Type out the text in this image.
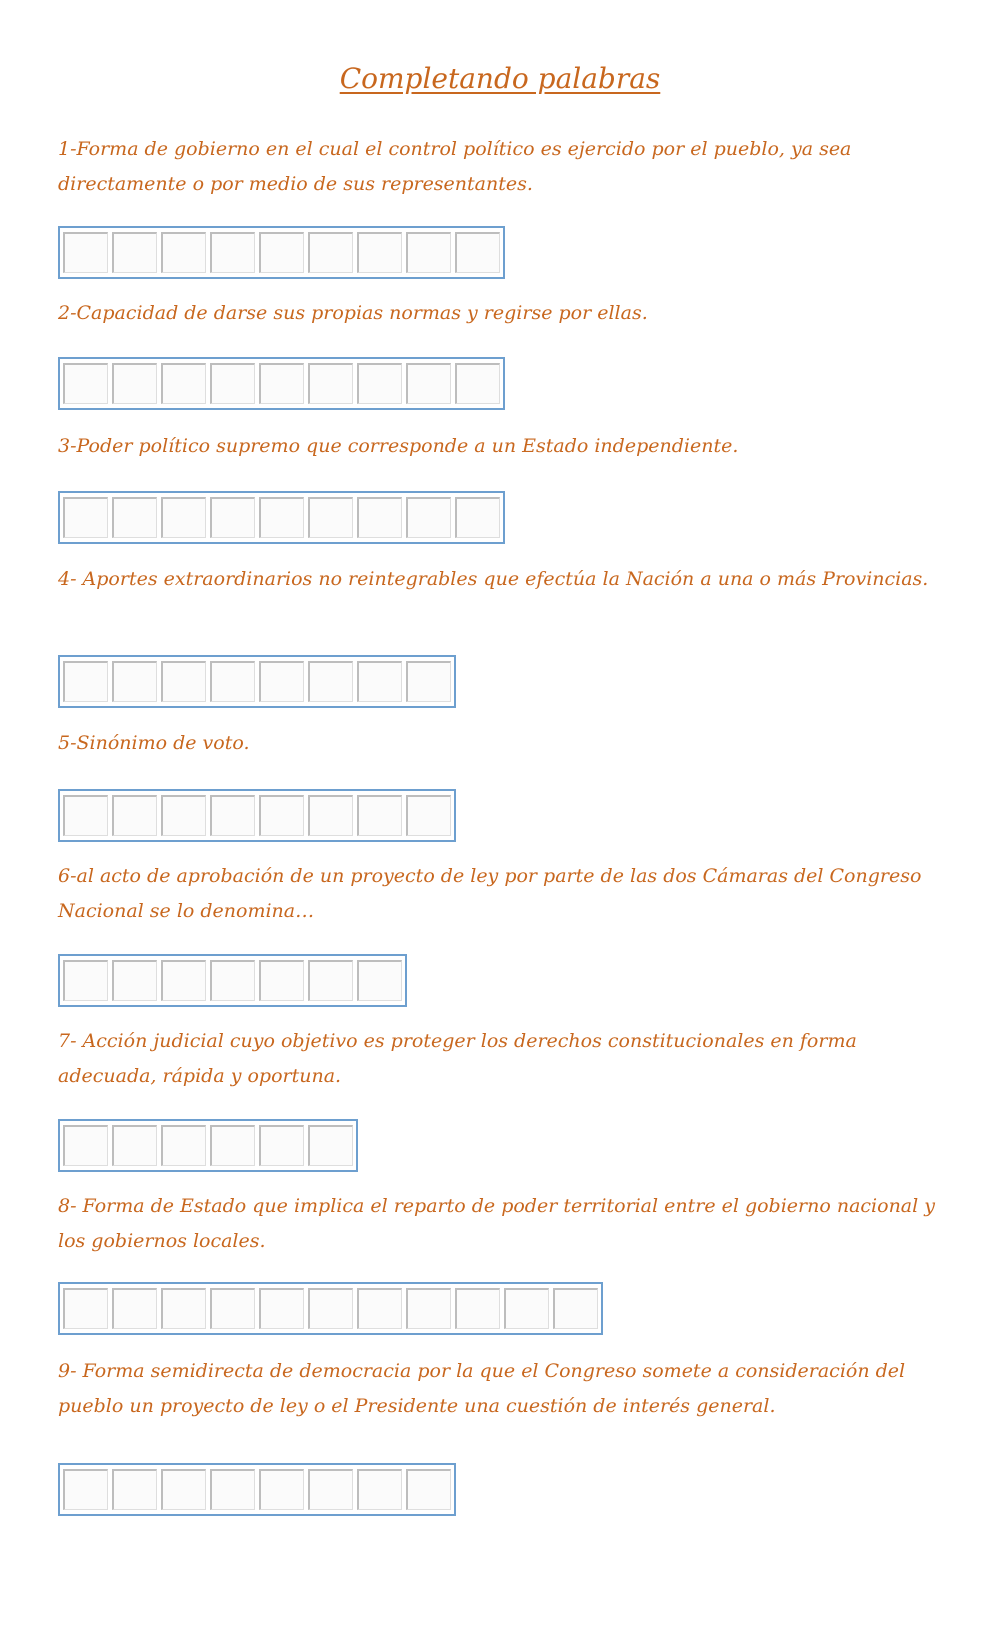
Completando palabras

1-Forma de gobierno en el cual el control político es ejercido por el pueblo, ya sea directamente o por medio de sus representantes.

2-Capacidad de darse sus propias normas y regirse por ellas.

3-Poder político supremo que corresponde a un Estado independiente.

4- Aportes extraordinarios no reintegrables que efectúa la Nación a una o más Provincias.

5-Sinónimo de voto.

6-al acto de aprobación de un proyecto de ley por parte de las dos Cámaras del Congreso Nacional se lo denomina…

7- Acción judicial cuyo objetivo es proteger los derechos constitucionales en forma adecuada, rápida y oportuna.

8- Forma de Estado que implica el reparto de poder territorial entre el gobierno nacional y los gobiernos locales.

9- Forma semidirecta de democracia por la que el Congreso somete a consideración del pueblo un proyecto de ley o el Presidente una cuestión de interés general.
